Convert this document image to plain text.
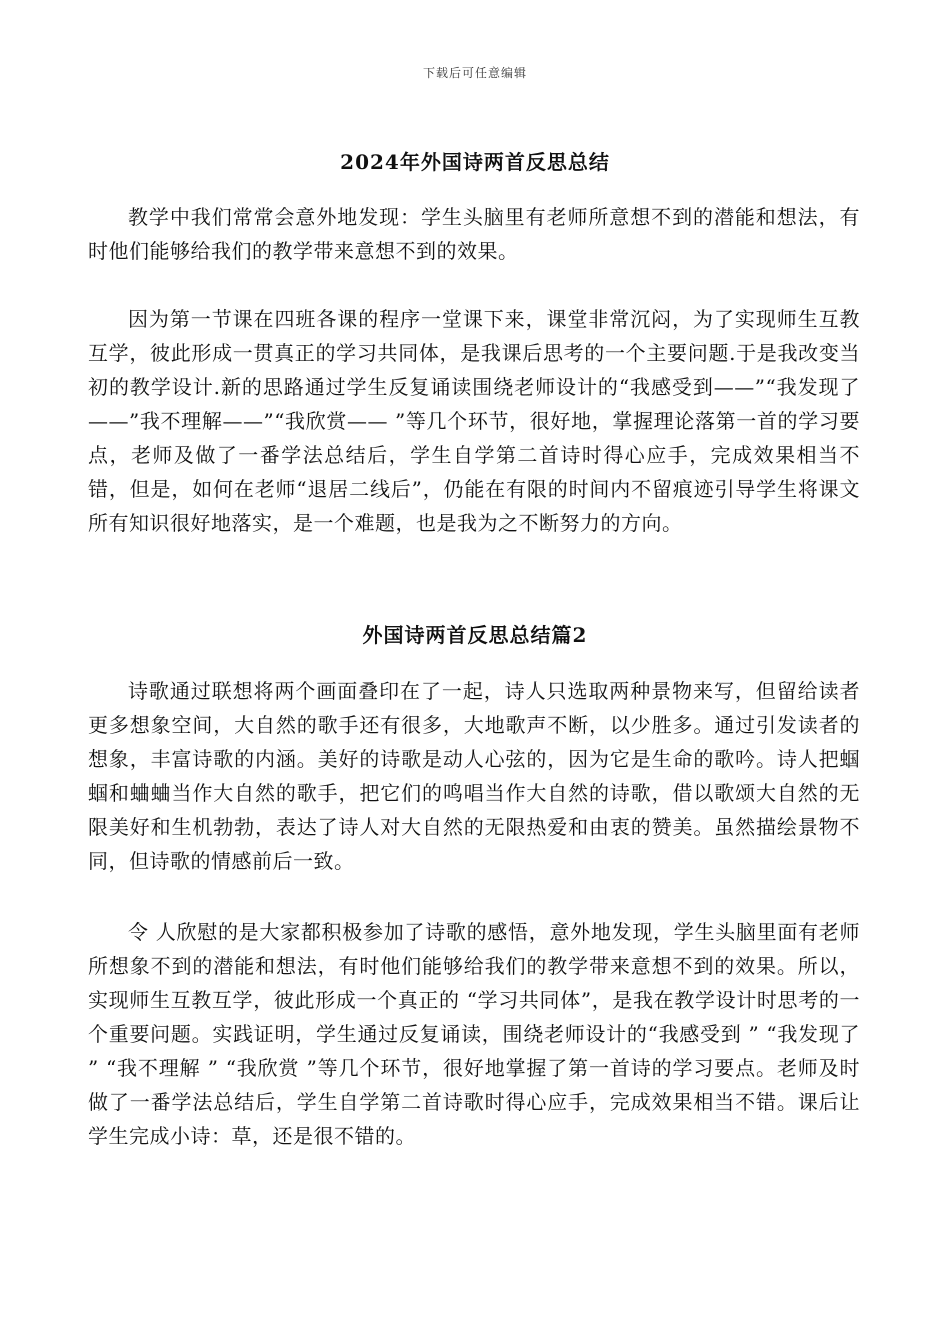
下载后可任意编辑
2024年外国诗两首反思总结

教学中我们常常会意外地发现：学生头脑里有老师所意想不到的潜能和想法，有时他们能够给我们的教学带来意想不到的效果。

因为第一节课在四班各课的程序一堂课下来，课堂非常沉闷，为了实现师生互教互学，彼此形成一贯真正的学习共同体，是我课后思考的一个主要问题.于是我改变当初的教学设计.新的思路通过学生反复诵读围绕老师设计的“我感受到——”“我发现了——”我不理解——”“我欣赏—— ”等几个环节，很好地，掌握理论落第一首的学习要点，老师及做了一番学法总结后，学生自学第二首诗时得心应手，完成效果相当不错，但是，如何在老师“退居二线后”，仍能在有限的时间内不留痕迹引导学生将课文所有知识很好地落实，是一个难题，也是我为之不断努力的方向。

外国诗两首反思总结篇2

诗歌通过联想将两个画面叠印在了一起，诗人只选取两种景物来写，但留给读者更多想象空间，大自然的歌手还有很多，大地歌声不断，以少胜多。通过引发读者的想象，丰富诗歌的内涵。美好的诗歌是动人心弦的，因为它是生命的歌吟。诗人把蝈蝈和蛐蛐当作大自然的歌手，把它们的鸣唱当作大自然的诗歌，借以歌颂大自然的无限美好和生机勃勃，表达了诗人对大自然的无限热爱和由衷的赞美。虽然描绘景物不同，但诗歌的情感前后一致。

令 人欣慰的是大家都积极参加了诗歌的感悟，意外地发现，学生头脑里面有老师所想象不到的潜能和想法，有时他们能够给我们的教学带来意想不到的效果。所以，实现师生互教互学，彼此形成一个真正的 “学习共同体”，是我在教学设计时思考的一个重要问题。实践证明，学生通过反复诵读，围绕老师设计的“我感受到 ” “我发现了 ” “我不理解 ” “我欣赏 ”等几个环节，很好地掌握了第一首诗的学习要点。老师及时做了一番学法总结后，学生自学第二首诗歌时得心应手，完成效果相当不错。课后让学生完成小诗：草，还是很不错的。
